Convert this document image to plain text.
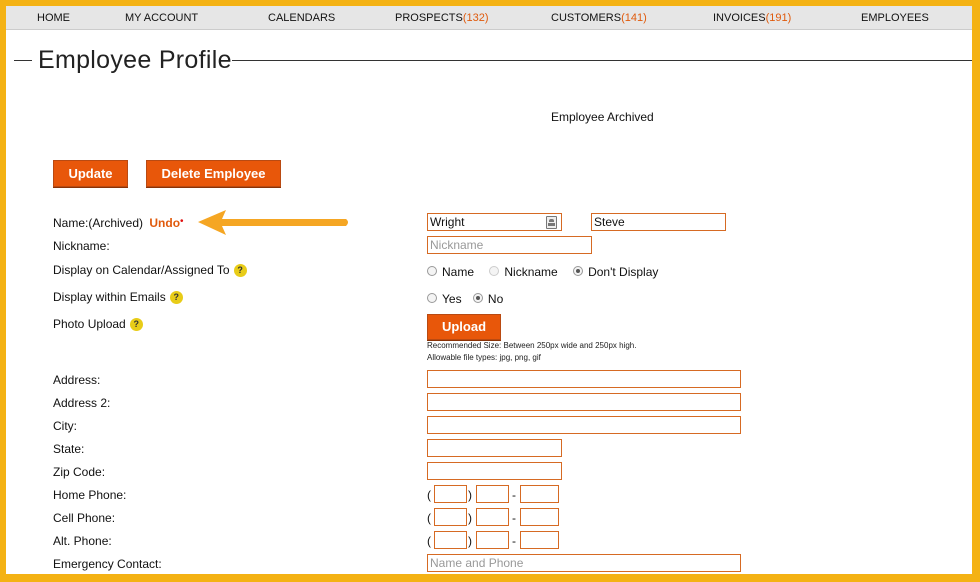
HOME	MY ACCOUNT	CALENDARS	PROSPECTS(132)	CUSTOMERS(141)	INVOICES(191)	EMPLOYEES
Employee Profile
Employee Archived
Update	Delete Employee
Name:(Archived) Undo•	Wright	Steve
Nickname:	Nickname
Display on Calendar/Assigned To ?	Name	Nickname	Don't Display
Display within Emails ?	Yes No
Photo Upload ?	Upload
Recommended Size: Between 250px wide and 250px high.
Allowable file types: jpg, png, gif
Address:
Address 2:
City:
State:
Zip Code:
Home Phone:	(	)	-
Cell Phone:	(	)	-
Alt. Phone:	(	)	-
Emergency Contact:	Name and Phone
